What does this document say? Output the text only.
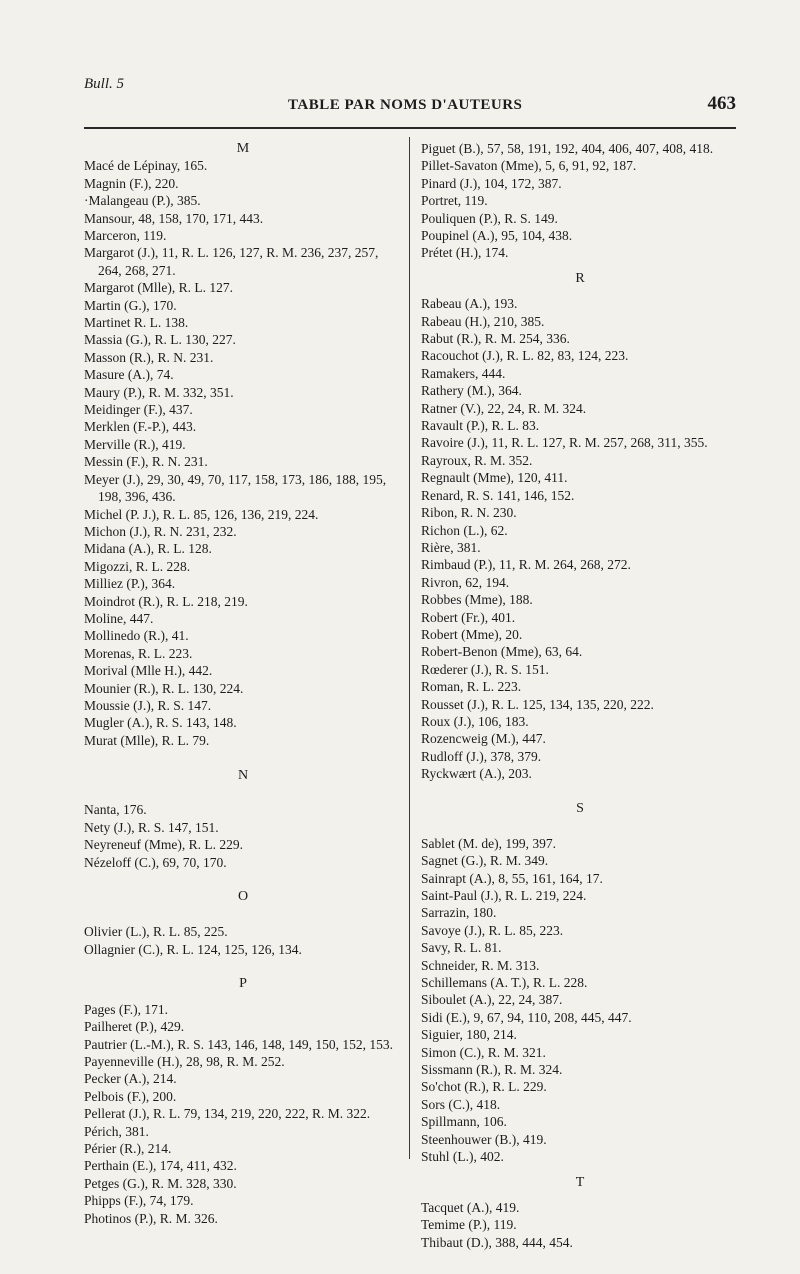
Bull. 5
TABLE PAR NOMS D'AUTEURS	463
M
Macé de Lépinay, 165.
Magnin (F.), 220.
·Malangeau (P.), 385.
Mansour, 48, 158, 170, 171, 443.
Marceron, 119.
Margarot (J.), 11, R. L. 126, 127, R. M. 236, 237, 257, 264, 268, 271.
Margarot (Mlle), R. L. 127.
Martin (G.), 170.
Martinet R. L. 138.
Massia (G.), R. L. 130, 227.
Masson (R.), R. N. 231.
Masure (A.), 74.
Maury (P.), R. M. 332, 351.
Meidinger (F.), 437.
Merklen (F.-P.), 443.
Merville (R.), 419.
Messin (F.), R. N. 231.
Meyer (J.), 29, 30, 49, 70, 117, 158, 173, 186, 188, 195, 198, 396, 436.
Michel (P. J.), R. L. 85, 126, 136, 219, 224.
Michon (J.), R. N. 231, 232.
Midana (A.), R. L. 128.
Migozzi, R. L. 228.
Milliez (P.), 364.
Moindrot (R.), R. L. 218, 219.
Moline, 447.
Mollinedo (R.), 41.
Morenas, R. L. 223.
Morival (Mlle H.), 442.
Mounier (R.), R. L. 130, 224.
Moussie (J.), R. S. 147.
Mugler (A.), R. S. 143, 148.
Murat (Mlle), R. L. 79.
N
Nanta, 176.
Nety (J.), R. S. 147, 151.
Neyreneuf (Mme), R. L. 229.
Nézeloff (C.), 69, 70, 170.
O
Olivier (L.), R. L. 85, 225.
Ollagnier (C.), R. L. 124, 125, 126, 134.
P
Pages (F.), 171.
Pailheret (P.), 429.
Pautrier (L.-M.), R. S. 143, 146, 148, 149, 150, 152, 153.
Payenneville (H.), 28, 98, R. M. 252.
Pecker (A.), 214.
Pelbois (F.), 200.
Pellerat (J.), R. L. 79, 134, 219, 220, 222, R. M. 322.
Périch, 381.
Périer (R.), 214.
Perthain (E.), 174, 411, 432.
Petges (G.), R. M. 328, 330.
Phipps (F.), 74, 179.
Photinos (P.), R. M. 326.
Piguet (B.), 57, 58, 191, 192, 404, 406, 407, 408, 418.
Pillet-Savaton (Mme), 5, 6, 91, 92, 187.
Pinard (J.), 104, 172, 387.
Portret, 119.
Pouliquen (P.), R. S. 149.
Poupinel (A.), 95, 104, 438.
Prétet (H.), 174.
R
Rabeau (A.), 193.
Rabeau (H.), 210, 385.
Rabut (R.), R. M. 254, 336.
Racouchot (J.), R. L. 82, 83, 124, 223.
Ramakers, 444.
Rathery (M.), 364.
Ratner (V.), 22, 24, R. M. 324.
Ravault (P.), R. L. 83.
Ravoire (J.), 11, R. L. 127, R. M. 257, 268, 311, 355.
Rayroux, R. M. 352.
Regnault (Mme), 120, 411.
Renard, R. S. 141, 146, 152.
Ribon, R. N. 230.
Richon (L.), 62.
Rière, 381.
Rimbaud (P.), 11, R. M. 264, 268, 272.
Rivron, 62, 194.
Robbes (Mme), 188.
Robert (Fr.), 401.
Robert (Mme), 20.
Robert-Benon (Mme), 63, 64.
Rœderer (J.), R. S. 151.
Roman, R. L. 223.
Rousset (J.), R. L. 125, 134, 135, 220, 222.
Roux (J.), 106, 183.
Rozencweig (M.), 447.
Rudloff (J.), 378, 379.
Ryckwært (A.), 203.
S
Sablet (M. de), 199, 397.
Sagnet (G.), R. M. 349.
Sainrapt (A.), 8, 55, 161, 164, 17.
Saint-Paul (J.), R. L. 219, 224.
Sarrazin, 180.
Savoye (J.), R. L. 85, 223.
Savy, R. L. 81.
Schneider, R. M. 313.
Schillemans (A. T.), R. L. 228.
Siboulet (A.), 22, 24, 387.
Sidi (E.), 9, 67, 94, 110, 208, 445, 447.
Siguier, 180, 214.
Simon (C.), R. M. 321.
Sissmann (R.), R. M. 324.
So'chot (R.), R. L. 229.
Sors (C.), 418.
Spillmann, 106.
Steenhouwer (B.), 419.
Stuhl (L.), 402.
T
Tacquet (A.), 419.
Temime (P.), 119.
Thibaut (D.), 388, 444, 454.
